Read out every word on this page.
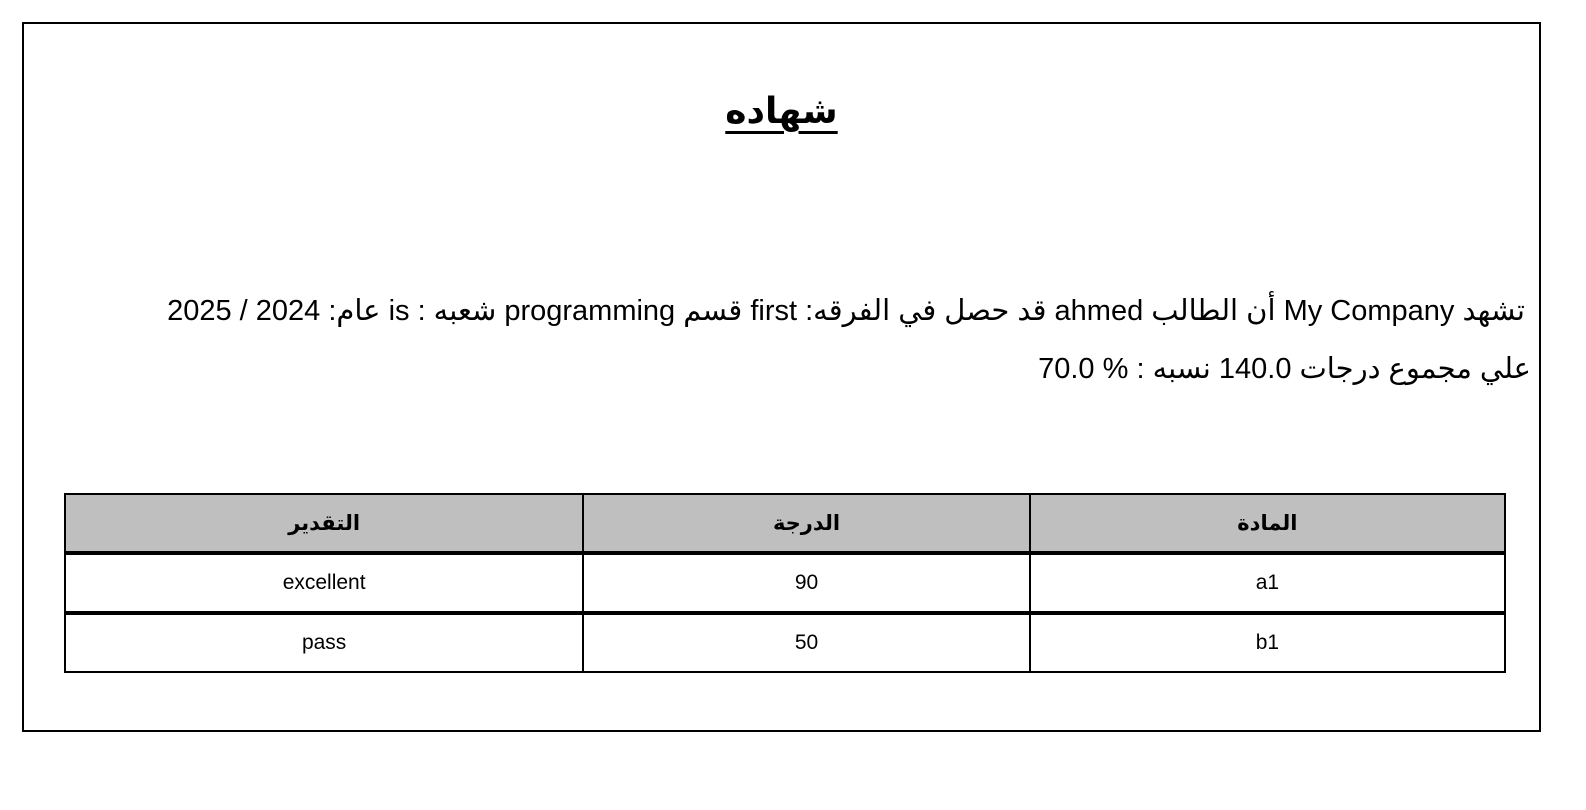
شهاده
تشهد My Company أن الطالب ahmed قد حصل في الفرقه: first قسم programming شعبه : is عام: 2024 / 2025
علي مجموع درجات 140.0 نسبه : % 70.0
المادة	الدرجة	التقدير
a1	90	excellent
b1	50	pass
